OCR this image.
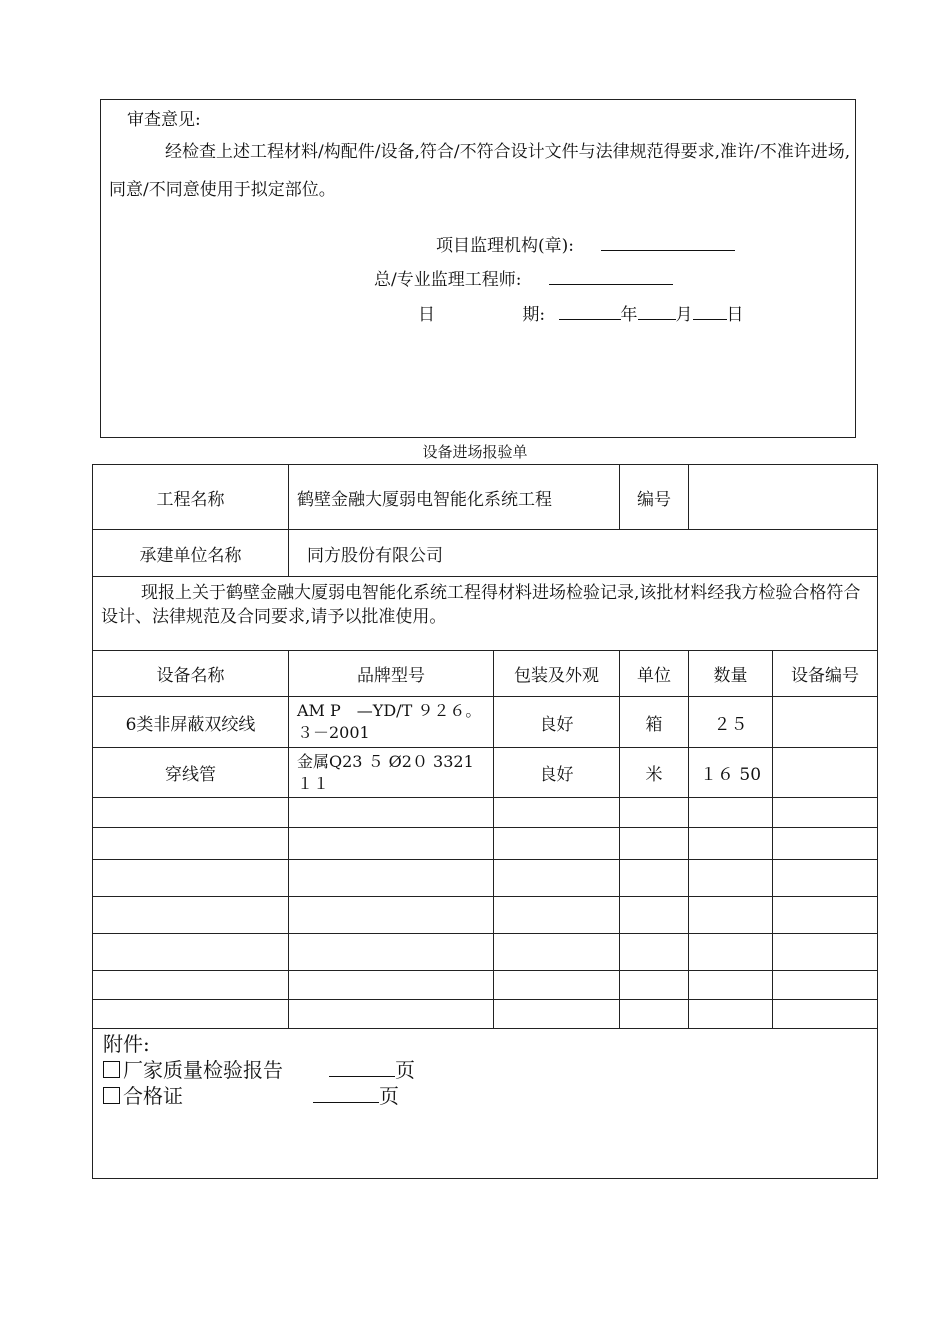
审查意见:
经检查上述工程材料/构配件/设备,符合/不符合设计文件与法律规范得要求,准许/不准许进场, 同意/不同意使用于拟定部位。
项目监理机构(章):
总/专业监理工程师:
日	期:	年 月 日
设备进场报验单
工程名称	鹤壁金融大厦弱电智能化系统工程		编号		
承建单位名称	同方股份有限公司				
现报上关于鹤壁金融大厦弱电智能化系统工程得材料进场检验记录,该批材料经我方检验合格符合设计、法律规范及合同要求,请予以批准使用。					
设备名称	品牌型号	包装及外观	单位	数量	设备编号
6类非屏蔽双绞线	AM P　—YD/T ９２６。３－2001	良好	箱	２５	
穿线管	金属Q23 ５ Ø2０ 3321 １１	良好	米	１６ 50	

附件:
厂家质量检验报告 页
合格证 页					
